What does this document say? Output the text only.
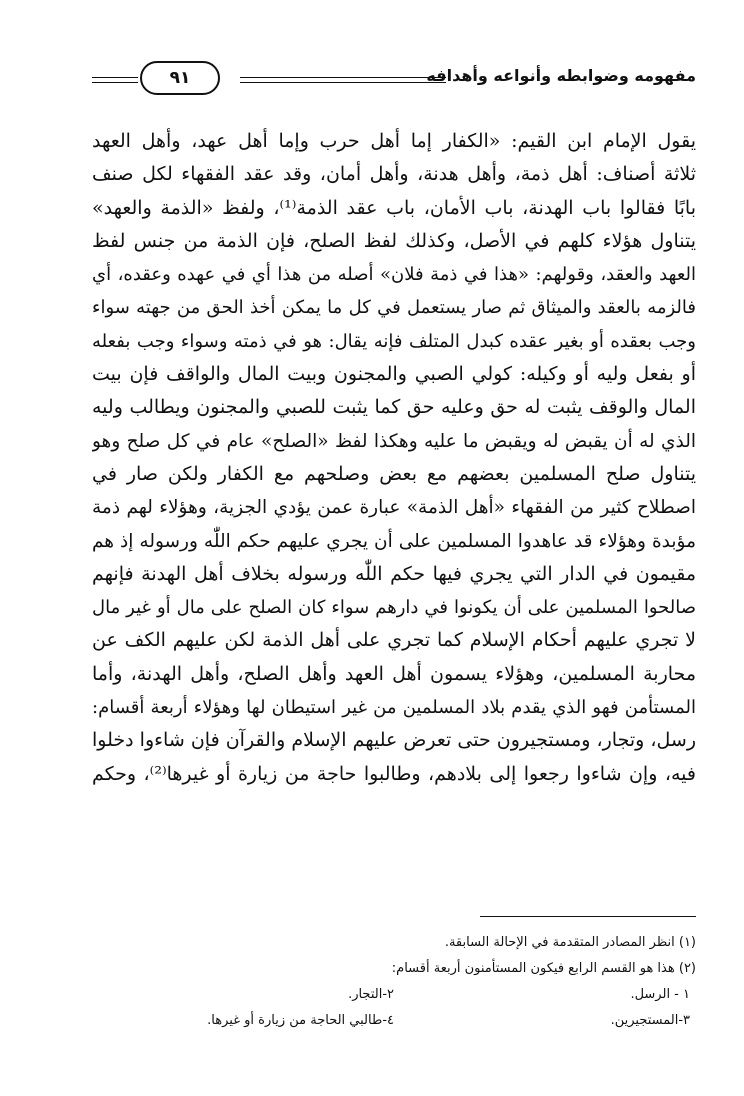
مفهومه وضوابطه وأنواعه وأهدافه
٩١
يقول الإمام ابن القيم: «الكفار إما أهل حرب وإما أهل عهد، وأهل العهد
ثلاثة أصناف: أهل ذمة، وأهل هدنة، وأهل أمان، وقد عقد الفقهاء لكل صنف
بابًا فقالوا باب الهدنة، باب الأمان، باب عقد الذمة⁽¹⁾، ولفظ «الذمة والعهد»
يتناول هؤلاء كلهم في الأصل، وكذلك لفظ الصلح، فإن الذمة من جنس لفظ
العهد والعقد، وقولهم: «هذا في ذمة فلان» أصله من هذا أي في عهده وعقده، أي
فالزمه بالعقد والميثاق ثم صار يستعمل في كل ما يمكن أخذ الحق من جهته سواء
وجب بعقده أو بغير عقده كبدل المتلف فإنه يقال: هو في ذمته وسواء وجب بفعله
أو بفعل وليه أو وكيله: كولي الصبي والمجنون وبيت المال والواقف فإن بيت
المال والوقف يثبت له حق وعليه حق كما يثبت للصبي والمجنون ويطالب وليه
الذي له أن يقبض له ويقبض ما عليه وهكذا لفظ «الصلح» عام في كل صلح وهو
يتناول صلح المسلمين بعضهم مع بعض وصلحهم مع الكفار ولكن صار في
اصطلاح كثير من الفقهاء «أهل الذمة» عبارة عمن يؤدي الجزية، وهؤلاء لهم ذمة
مؤبدة وهؤلاء قد عاهدوا المسلمين على أن يجري عليهم حكم اللّٰه ورسوله إذ هم
مقيمون في الدار التي يجري فيها حكم اللّٰه ورسوله بخلاف أهل الهدنة فإنهم
صالحوا المسلمين على أن يكونوا في دارهم سواء كان الصلح على مال أو غير مال
لا تجري عليهم أحكام الإسلام كما تجري على أهل الذمة لكن عليهم الكف عن
محاربة المسلمين، وهؤلاء يسمون أهل العهد وأهل الصلح، وأهل الهدنة، وأما
المستأمن فهو الذي يقدم بلاد المسلمين من غير استيطان لها وهؤلاء أربعة أقسام:
رسل، وتجار، ومستجيرون حتى تعرض عليهم الإسلام والقرآن فإن شاءوا دخلوا
فيه، وإن شاءوا رجعوا إلى بلادهم، وطالبوا حاجة من زيارة أو غيرها⁽²⁾، وحكم
(١) انظر المصادر المتقدمة في الإحالة السابقة.
(٢) هذا هو القسم الرابع فيكون المستأمنون أربعة أقسام:
١ - الرسل.
٢-التجار.
٣-المستجيرين.
٤-طالبي الحاجة من زيارة أو غيرها.
